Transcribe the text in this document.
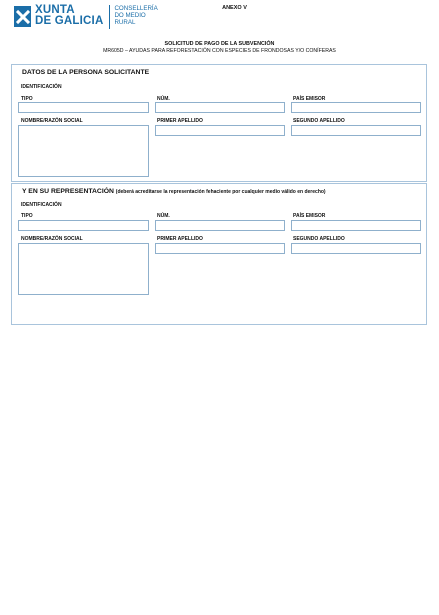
XUNTA
DE GALICIA
CONSELLERÍA
DO MEDIO
RURAL
ANEXO V
SOLICITUD DE PAGO DE LA SUBVENCIÓN
MR605D – AYUDAS PARA REFORESTACIÓN CON ESPECIES DE FRONDOSAS Y/O CONÍFERAS
DATOS DE LA PERSONA SOLICITANTE
IDENTIFICACIÓN
TIPO	NÚM.	PAÍS EMISOR
NOMBRE/RAZÓN SOCIAL	PRIMER APELLIDO	SEGUNDO APELLIDO
Y EN SU REPRESENTACIÓN (deberá acreditarse la representación fehaciente por cualquier medio válido en derecho)
IDENTIFICACIÓN
TIPO	NÚM.	PAÍS EMISOR
NOMBRE/RAZÓN SOCIAL	PRIMER APELLIDO	SEGUNDO APELLIDO
